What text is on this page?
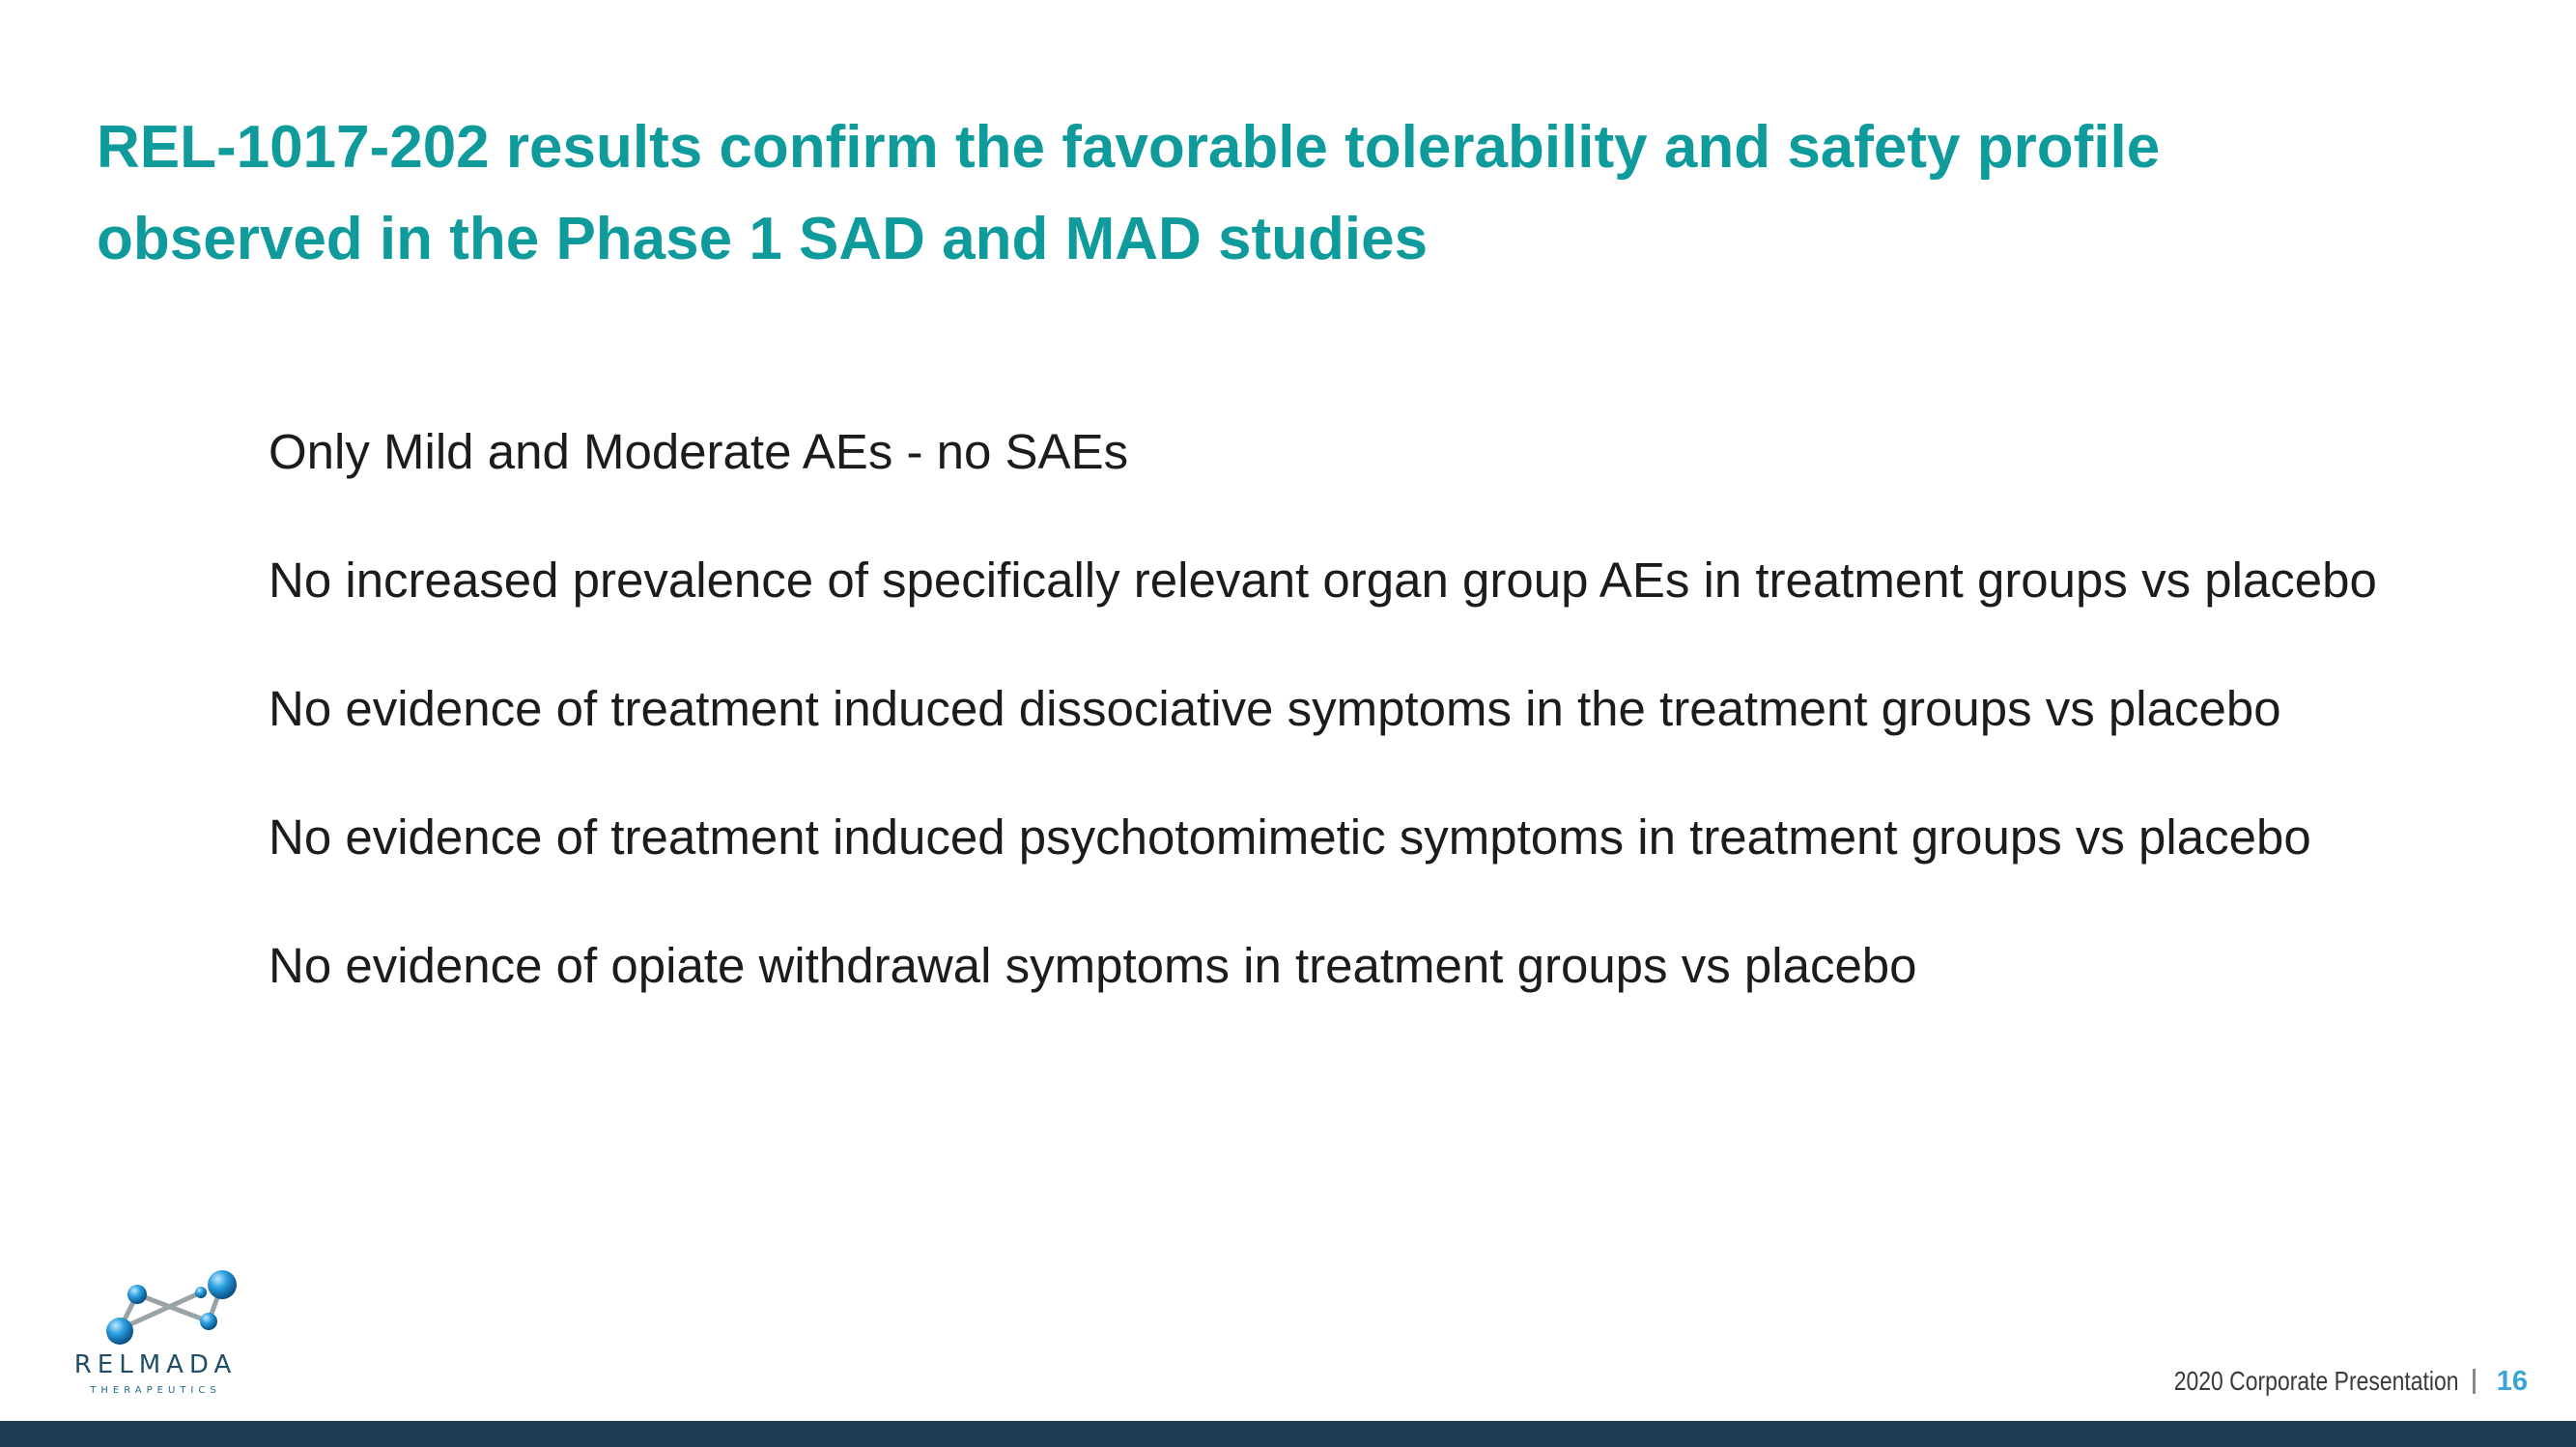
REL-1017-202 results confirm the favorable tolerability and safety profile
observed in the Phase 1 SAD and MAD studies
Only Mild and Moderate AEs - no SAEs
No increased prevalence of specifically relevant organ group AEs in treatment groups vs placebo
No evidence of treatment induced dissociative symptoms in the treatment groups vs placebo
No evidence of treatment induced psychotomimetic symptoms in treatment groups vs placebo
No evidence of opiate withdrawal symptoms in treatment groups vs placebo
RELMADA
THERAPEUTICS	2020 Corporate Presentation 16
